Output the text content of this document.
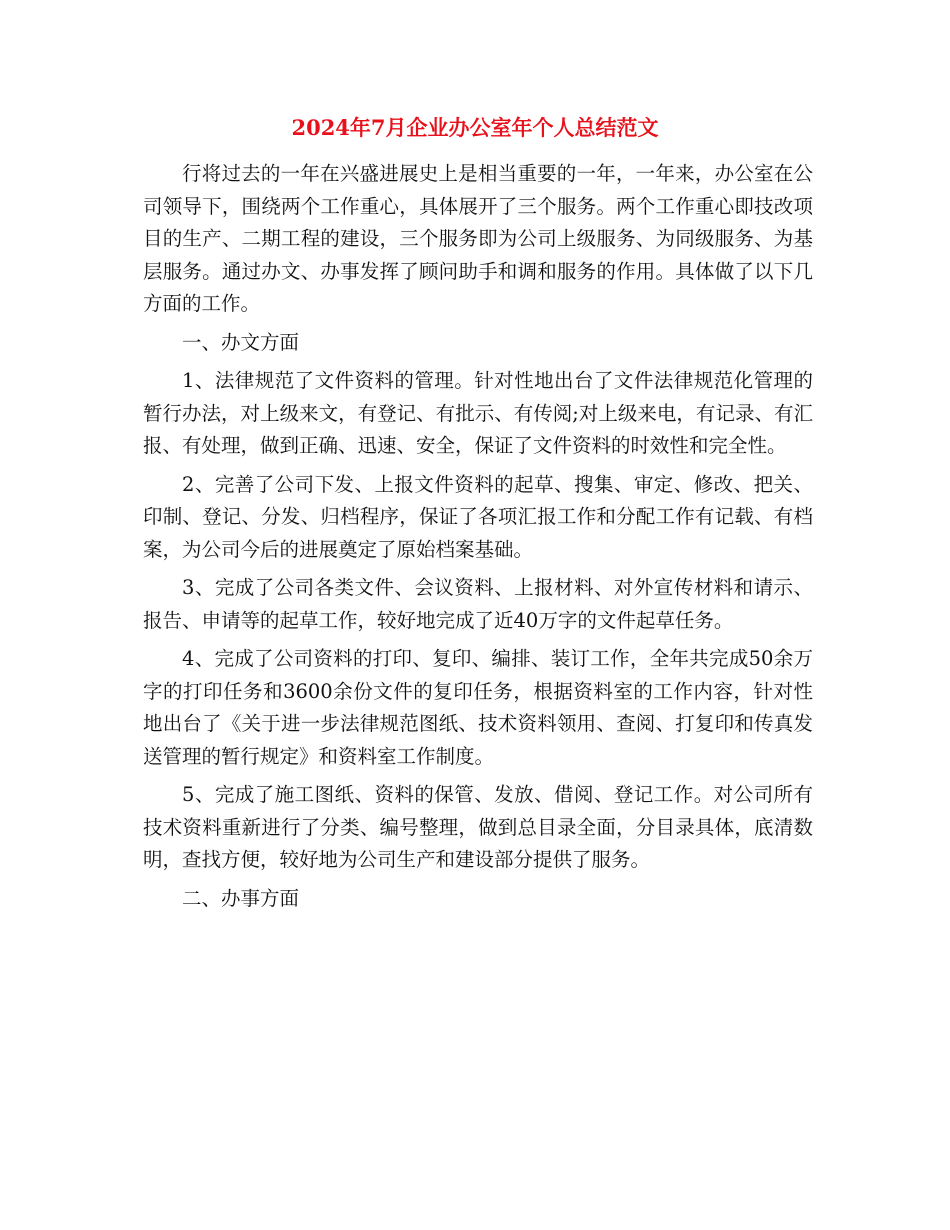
2024年7月企业办公室年个人总结范文

行将过去的一年在兴盛进展史上是相当重要的一年，一年来，办公室在公司领导下，围绕两个工作重心，具体展开了三个服务。两个工作重心即技改项目的生产、二期工程的建设，三个服务即为公司上级服务、为同级服务、为基层服务。通过办文、办事发挥了顾问助手和调和服务的作用。具体做了以下几方面的工作。

一、办文方面

1、法律规范了文件资料的管理。针对性地出台了文件法律规范化管理的暂行办法，对上级来文，有登记、有批示、有传阅;对上级来电，有记录、有汇报、有处理，做到正确、迅速、安全，保证了文件资料的时效性和完全性。

2、完善了公司下发、上报文件资料的起草、搜集、审定、修改、把关、印制、登记、分发、归档程序，保证了各项汇报工作和分配工作有记载、有档案，为公司今后的进展奠定了原始档案基础。

3、完成了公司各类文件、会议资料、上报材料、对外宣传材料和请示、报告、申请等的起草工作，较好地完成了近40万字的文件起草任务。

4、完成了公司资料的打印、复印、编排、装订工作，全年共完成50余万字的打印任务和3600余份文件的复印任务，根据资料室的工作内容，针对性地出台了《关于进一步法律规范图纸、技术资料领用、查阅、打复印和传真发送管理的暂行规定》和资料室工作制度。

5、完成了施工图纸、资料的保管、发放、借阅、登记工作。对公司所有技术资料重新进行了分类、编号整理，做到总目录全面，分目录具体，底清数明，查找方便，较好地为公司生产和建设部分提供了服务。

二、办事方面
